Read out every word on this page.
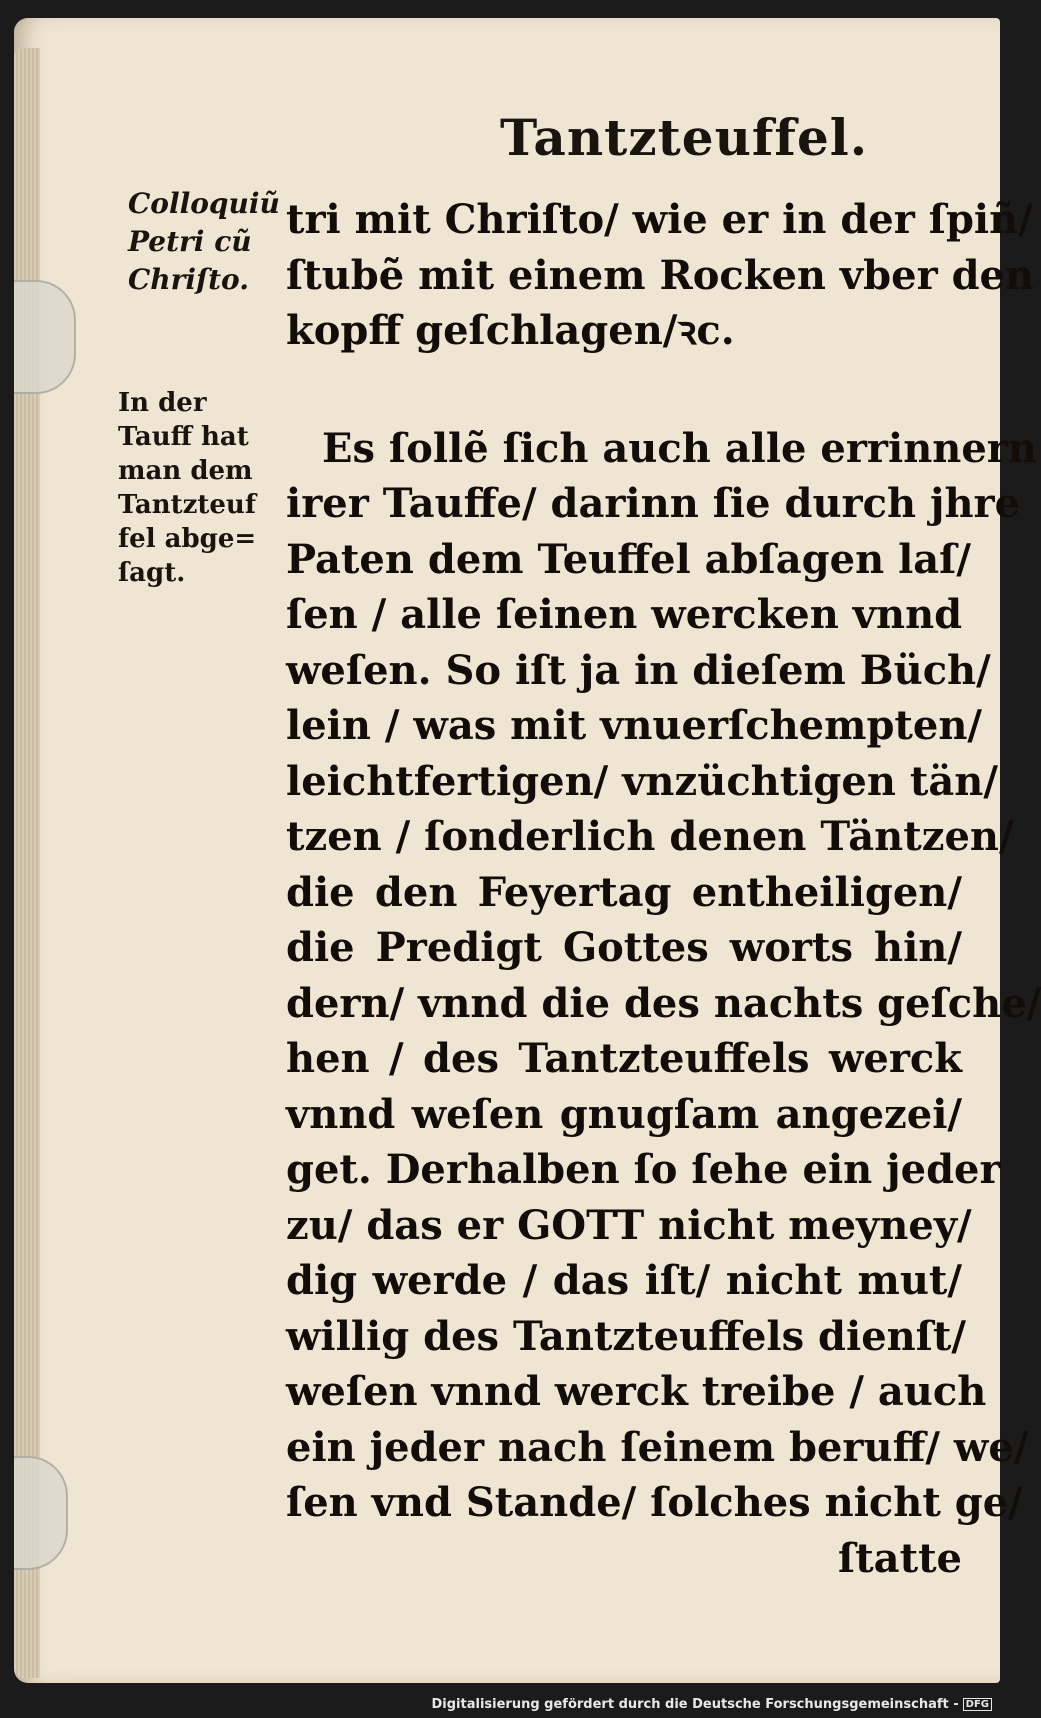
Tantzteuffel.
Colloquiũ
Petri cũ
Chriſto.
In der
Tauff hat
man dem
Tantzteuf
fel abge=
ſagt.
tri mit Chriſto/ wie er in der ſpiñ/
ſtubẽ mit einem Rocken vber den
kopff geſchlagen/ꝛc.
Es ſollẽ ſich auch alle errinnern
irer Tauffe/ darinn ſie durch jhre
Paten dem Teuffel abſagen laſ/
ſen / alle ſeinen wercken vnnd
weſen. So iſt ja in dieſem Büch/
lein / was mit vnuerſchempten/
leichtfertigen/ vnzüchtigen tän/
tzen / ſonderlich denen Täntzen/
die den Feyertag entheiligen/
die Predigt Gottes worts hin/
dern/ vnnd die des nachts geſche/
hen / des Tantzteuffels werck
vnnd weſen gnugſam angezei/
get. Derhalben ſo ſehe ein jeder
zu/ das er GOTT nicht meyney/
dig werde / das iſt/ nicht mut/
willig des Tantzteuffels dienſt/
weſen vnnd werck treibe / auch
ein jeder nach ſeinem beruff/ we/
ſen vnd Stande/ ſolches nicht ge/
ſtatte
Digitalisierung gefördert durch die Deutsche Forschungsgemeinschaft - DFG
